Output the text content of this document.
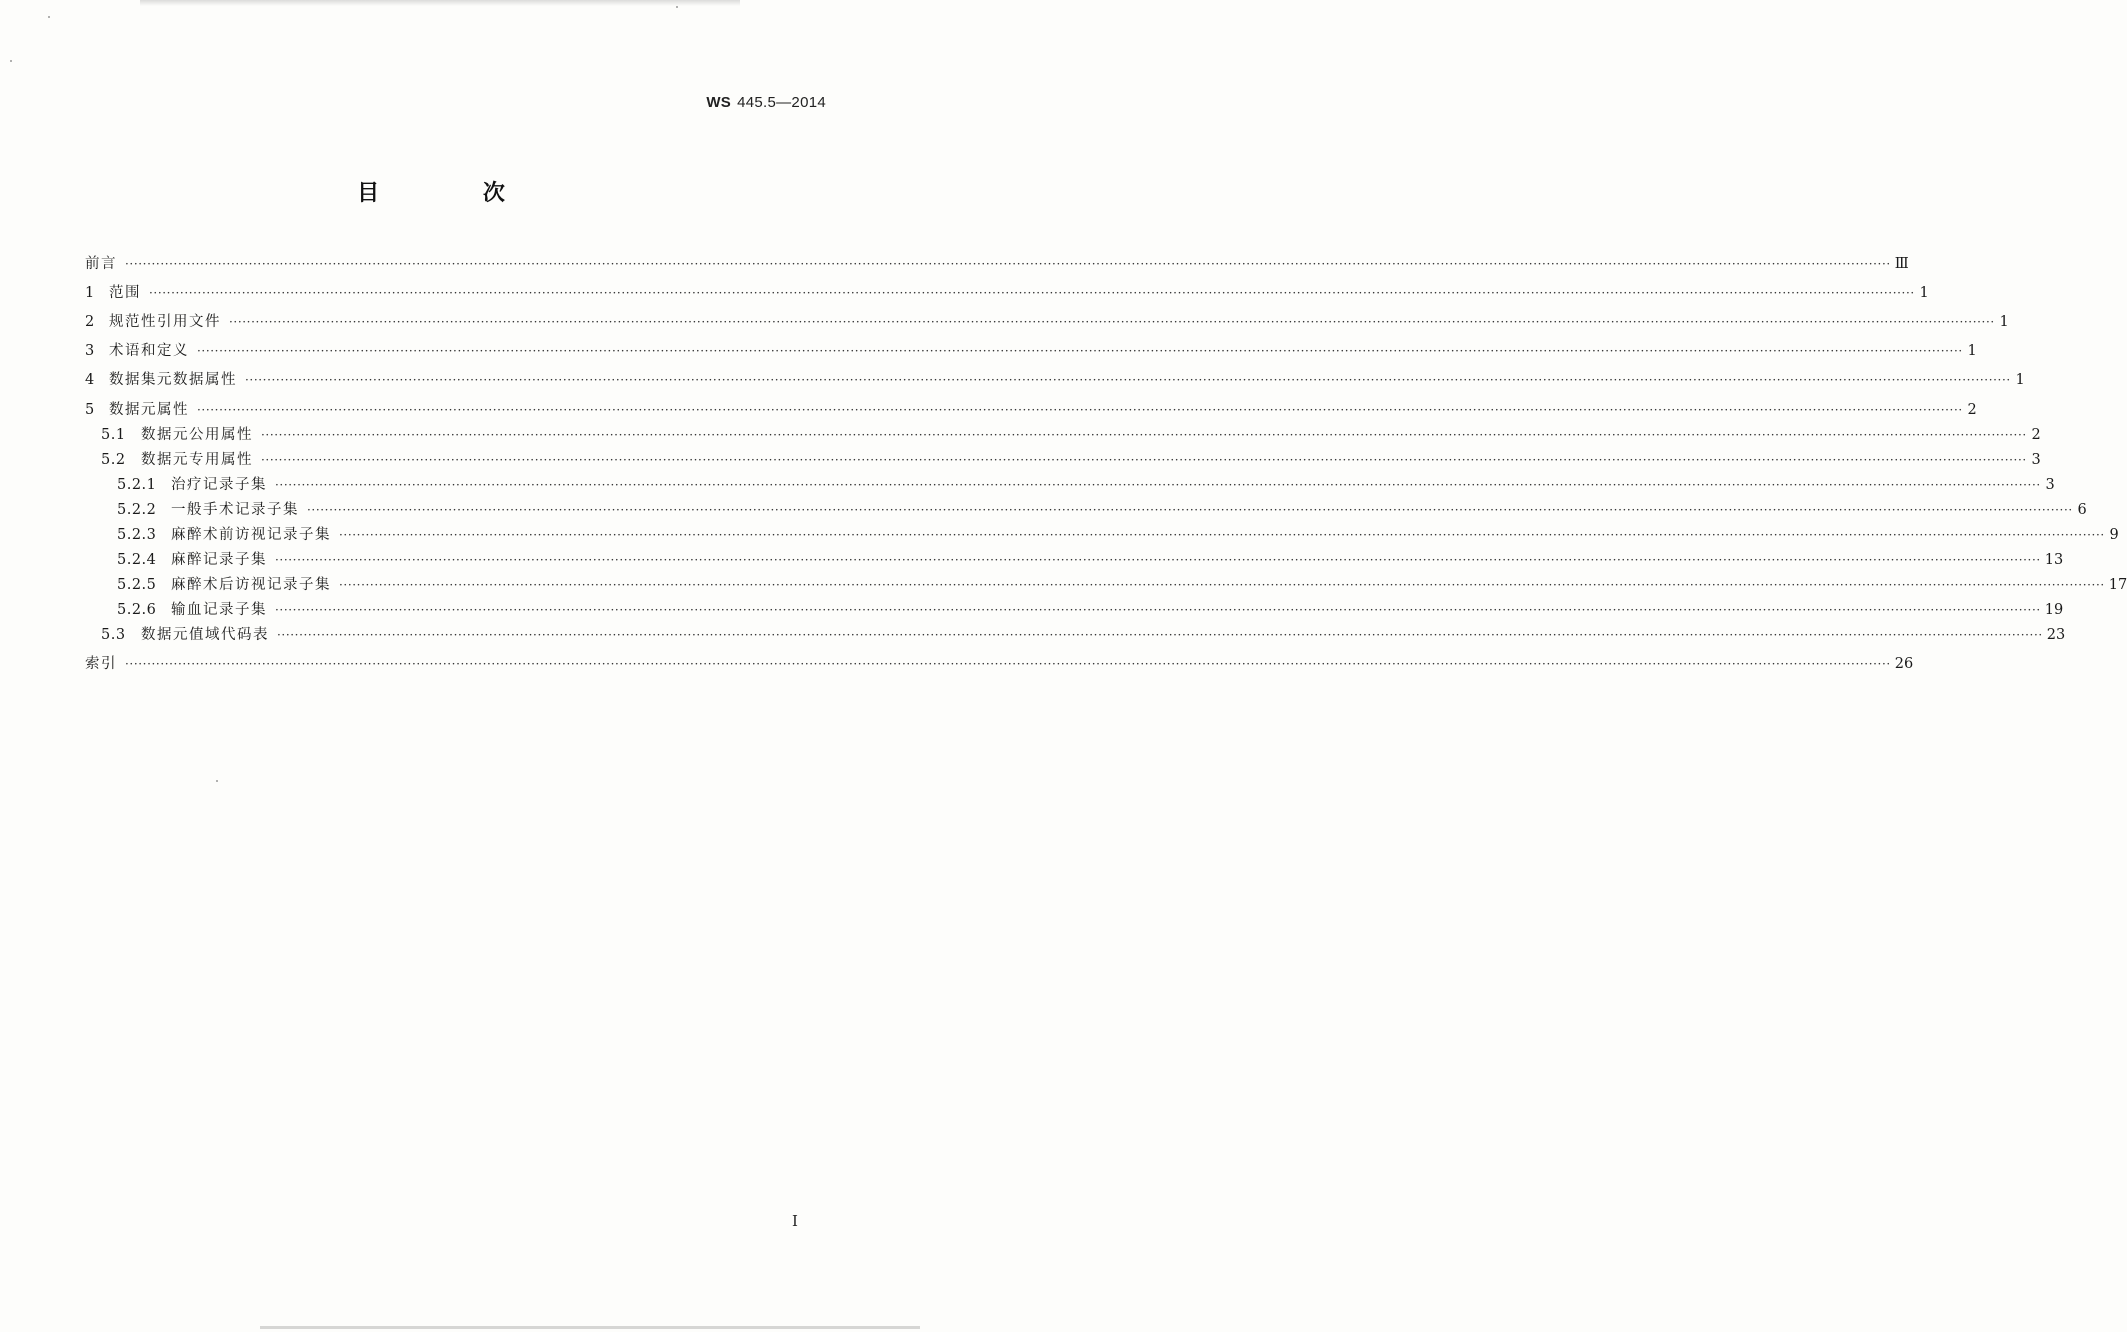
WS 445.5—2014
目 次
前言 ················································································································································································································································································································································································································ Ⅲ
1 范围 ················································································································································································································································································································································································································ 1
2 规范性引用文件 ················································································································································································································································································································································································································ 1
3 术语和定义 ················································································································································································································································································································································································································ 1
4 数据集元数据属性 ················································································································································································································································································································································································································ 1
5 数据元属性 ················································································································································································································································································································································································································ 2
5.1	数据元公用属性 ················································································································································································································································································································································································································ 2
5.2	数据元专用属性 ················································································································································································································································································································································································································ 3
5.2.1	治疗记录子集 ················································································································································································································································································································································································································ 3
5.2.2	一般手术记录子集 ················································································································································································································································································································································································································ 6
5.2.3	麻醉术前访视记录子集 ················································································································································································································································································································································································································ 9
5.2.4	麻醉记录子集 ················································································································································································································································································································································································································ 13
5.2.5	麻醉术后访视记录子集 ················································································································································································································································································································································································································ 17
5.2.6	输血记录子集 ················································································································································································································································································································································································································ 19
5.3	数据元值域代码表 ················································································································································································································································································································································································································ 23
索引 ················································································································································································································································································································································································································ 26
Ⅰ
